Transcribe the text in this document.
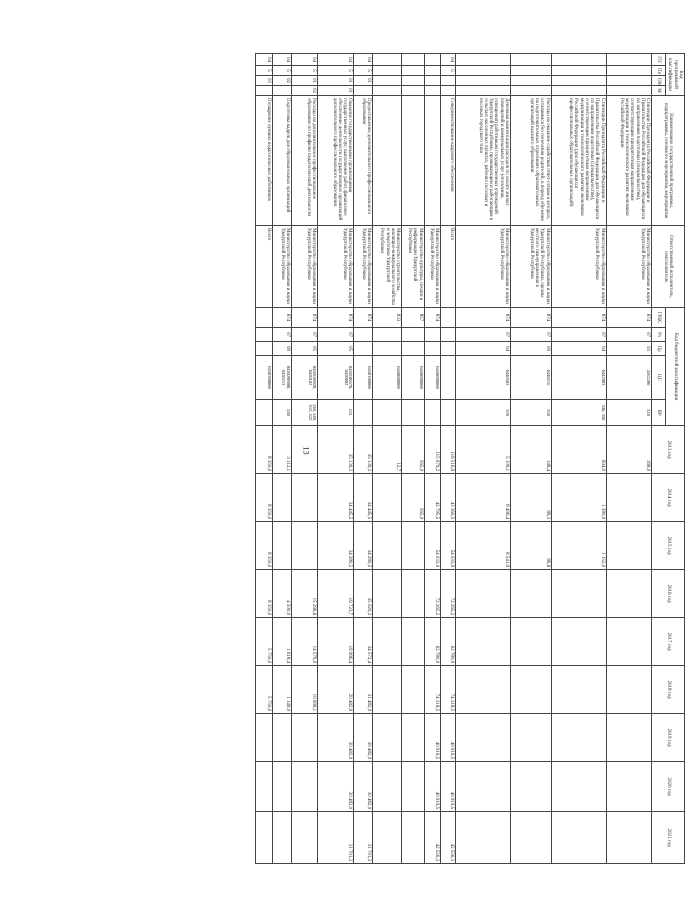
13
Код программной классификации				Наименование государственной программы, подпрограммы, основного мероприятия, мероприятия	Ответственный исполнитель, соисполнитель	Код бюджетной классификации					2013 год	2014 год	2015 год	2016 год	2017 год	2018 год	2019 год	2020 год	2021 год
ГП	Пп	ОМ	М			ГРБС	Рз	Пр	ЦС	ВР									
				Стипендии Президента Российской Федерации и Правительства Российской Федерации для обучающихся по направлениям подготовки (специальностям), соответствующим приоритетным направлениям модернизации и технологического развития экономики Российской Федерации	Министерство образования и науки Удмуртской Республики	874	07	03	4362200	310	168,0								
				Стипендии Президента Российской Федерации и Правительства Российской Федерации для обучающихся по направлениям подготовки (специальностям), соответствующим приоритетным направлениям модернизации и технологического развития экономики Российской Федерации (для обучающихся профессиональных образовательных организаций)	Министерство образования и науки Удмуртской Республики	874	07	04	0442803	340, 350	604,0	1 380,0	1 152,0						
				Расходы на оказание содействия ответ-сеткам в которых, оставшимся без попечения родителей, в период обучения на подготовительных отделениях образовательных организаций высшего образования	Министерство образования и науки Удмуртской Республики, органы местного самоуправления в Удмуртской Республике	874	07	09	0440216	320	148,4	89,3	86,8						
				Денежная компенсация расходов по оплате жилых помещений и коммунальных услуг (отопления, освещения) работникам государственных учреждений Удмуртской Республики, проживающим и работающим в сельских населенных пунктах, рабочих поселках и поселках городского типа	Министерство образования и науки Удмуртской Республики	874	07	04	0440582	320	5 109,1	8 496,4	8 541,9						
04	5			Совершенствование кадрового обеспечения	Всего						116 516,9	43 360,5	54 033,0	72 265,2	62 780,0	74 318,5	40 919,5	40 919,5	42 556,3
					Министерство образования и науки Удмуртской Республики	874			0450000000		115 979,2	42 795,5	54 033,0	72 265,2	62 780,0	74 318,5	40 919,5	40 919,5	42 556,3
					Министерство культуры, печати и информации Удмуртской Республики	857			0450000000		565,0	565,0							
					Министерство строительства, жилищно-коммунального хозяйства и энергетики Удмуртской Республики	833			0450000000		12,7								
04	5	01		Предоставление дополнительного профессионального образования	Министерство образования и науки Удмуртской Республики	874			0450100000		35 139,3	34 445,5	34 280,5	35 020,3	34 572,4	31 482,0	30 482,0	30 482,0	31 701,3
04	5	01	01	Оказание государственными организациями государственных услуг, выполнение работ, финансовое обеспечение деятельности государственных организаций дополнительного профессионального образования	Министерство образования и науки Удмуртской Республики	874	07	05	0450100570, 0450082	621	35 139,3	34 445,5	34 280,5	19 723,7	19 996,4	20 482,9	30 482,0	30 482,0	31 701,3
04	5	01	02	Расходы на дополнительное профессиональное образование по профилю педагогической деятельности	Министерство образования и науки Удмуртской Республики	874	07	05	0450160820, 0450182	240, 540, 612, 622				15 296,6	14 576,0	10 999,1			
04	5	02		Подготовка кадров для образовательных организаций	Министерство образования и науки Удмуртской Республики	874	07	09	0450200000, 0450213	240	3 112,1			4 500,0	1 618,4	1 149,0			
04	5	03		Поощрение лучших педагогических работников	Всего				0450300000		8 350,0	8 350,0	8 350,0	8 350,0	5 750,0	5 750,0			
